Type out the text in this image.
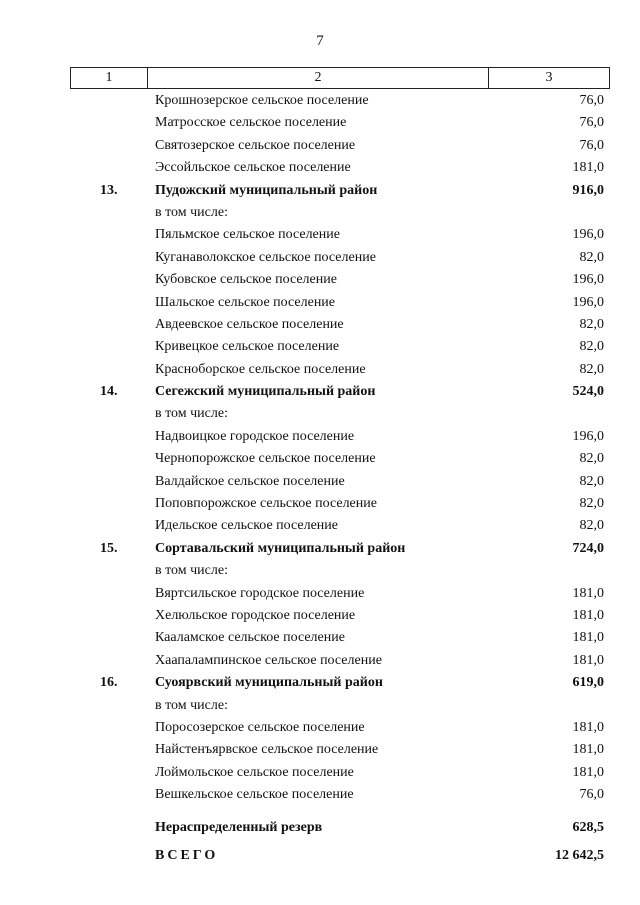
7
1	2	3
Крошнозерское сельское поселение	76,0
Матросское сельское поселение	76,0
Святозерское сельское поселение	76,0
Эссойльское сельское поселение	181,0
13.	Пудожский муниципальный район	916,0
в том числе:
Пяльмское сельское поселение	196,0
Куганаволокское сельское поселение	82,0
Кубовское сельское поселение	196,0
Шальское сельское поселение	196,0
Авдеевское сельское поселение	82,0
Кривецкое сельское поселение	82,0
Красноборское сельское поселение	82,0
14.	Сегежский муниципальный район	524,0
в том числе:
Надвоицкое городское поселение	196,0
Чернопорожское сельское поселение	82,0
Валдайское сельское поселение	82,0
Поповпорожское сельское поселение	82,0
Идельское сельское поселение	82,0
15.	Сортавальский муниципальный район	724,0
в том числе:
Вяртсильское городское поселение	181,0
Хелюльское городское поселение	181,0
Кааламское сельское поселение	181,0
Хаапалампинское сельское поселение	181,0
16.	Суоярвский муниципальный район	619,0
в том числе:
Поросозерское сельское поселение	181,0
Найстенъярвское сельское поселение	181,0
Лоймольское сельское поселение	181,0
Вешкельское сельское поселение	76,0
Нераспределенный резерв	628,5
ВСЕГО	12 642,5
